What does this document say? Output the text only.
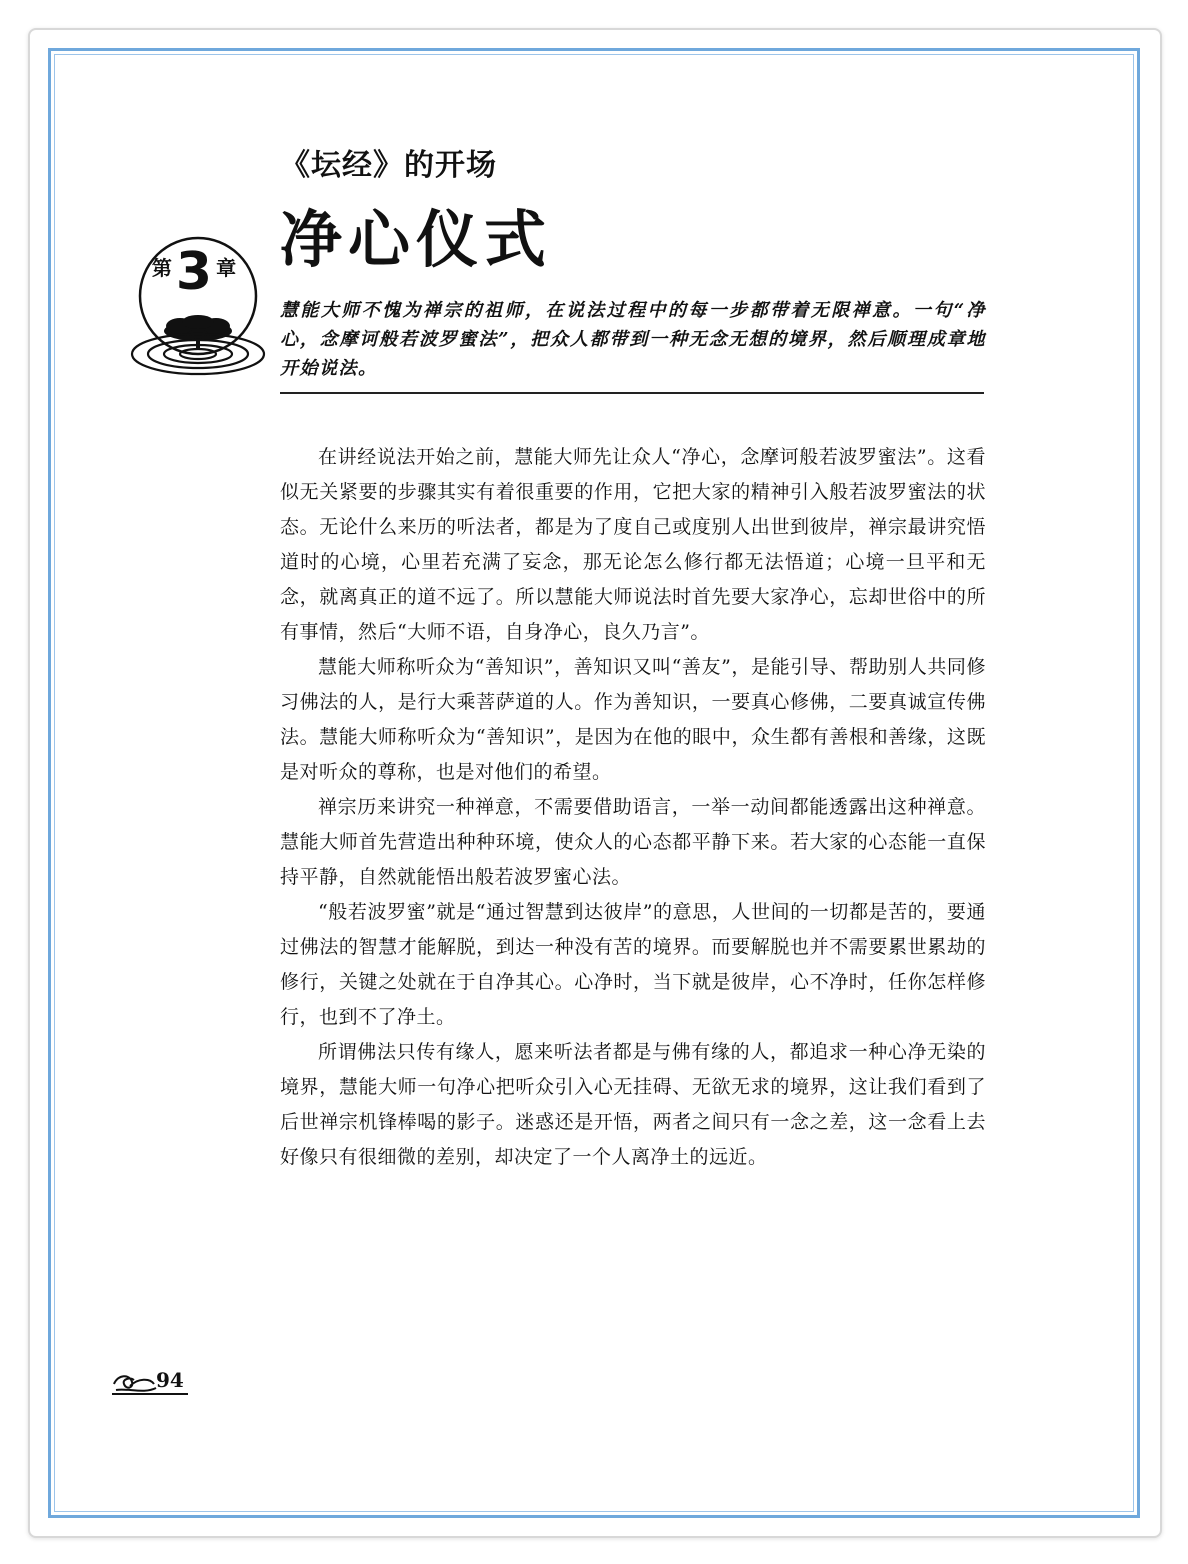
《坛经》的开场
净心仪式
第3 章
慧能大师不愧为禅宗的祖师，在说法过程中的每一步都带着无限禅意。一句“净心，念摩诃般若波罗蜜法”，把众人都带到一种无念无想的境界，然后顺理成章地开始说法。

在讲经说法开始之前，慧能大师先让众人“净心，念摩诃般若波罗蜜法”。这看似无关紧要的步骤其实有着很重要的作用，它把大家的精神引入般若波罗蜜法的状态。无论什么来历的听法者，都是为了度自己或度别人出世到彼岸，禅宗最讲究悟道时的心境，心里若充满了妄念，那无论怎么修行都无法悟道；心境一旦平和无念，就离真正的道不远了。所以慧能大师说法时首先要大家净心，忘却世俗中的所有事情，然后“大师不语，自身净心，良久乃言”。

慧能大师称听众为“善知识”，善知识又叫“善友”，是能引导、帮助别人共同修习佛法的人，是行大乘菩萨道的人。作为善知识，一要真心修佛，二要真诚宣传佛法。慧能大师称听众为“善知识”，是因为在他的眼中，众生都有善根和善缘，这既是对听众的尊称，也是对他们的希望。

禅宗历来讲究一种禅意，不需要借助语言，一举一动间都能透露出这种禅意。慧能大师首先营造出种种环境，使众人的心态都平静下来。若大家的心态能一直保持平静，自然就能悟出般若波罗蜜心法。

“般若波罗蜜”就是“通过智慧到达彼岸”的意思，人世间的一切都是苦的，要通过佛法的智慧才能解脱，到达一种没有苦的境界。而要解脱也并不需要累世累劫的修行，关键之处就在于自净其心。心净时，当下就是彼岸，心不净时，任你怎样修行，也到不了净土。

所谓佛法只传有缘人，愿来听法者都是与佛有缘的人，都追求一种心净无染的境界，慧能大师一句净心把听众引入心无挂碍、无欲无求的境界，这让我们看到了后世禅宗机锋棒喝的影子。迷惑还是开悟，两者之间只有一念之差，这一念看上去好像只有很细微的差别，却决定了一个人离净土的远近。

94
